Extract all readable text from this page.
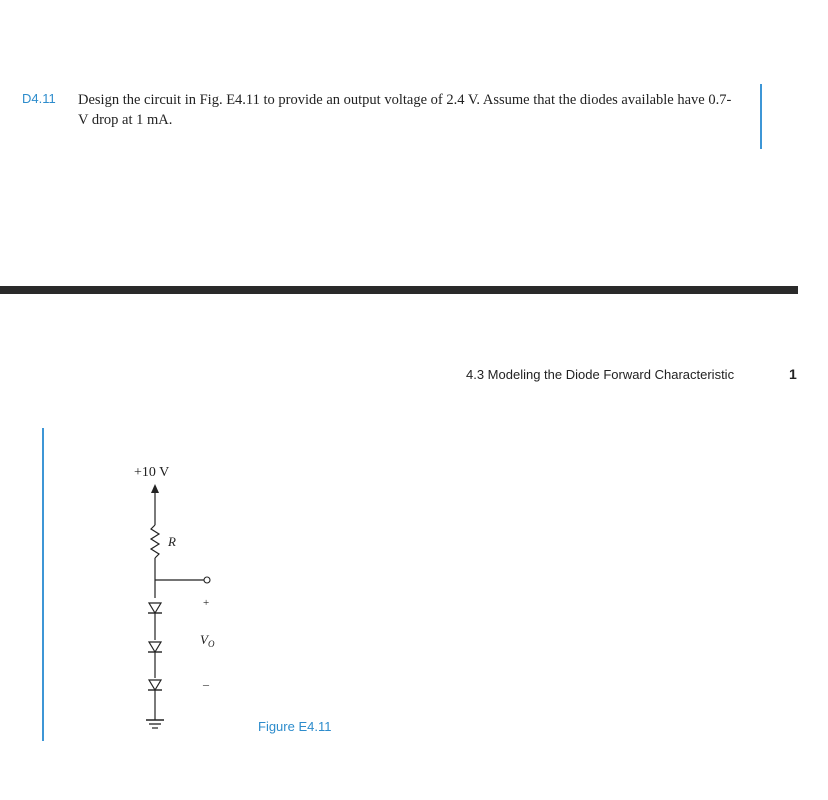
D4.11 Design the circuit in Fig. E4.11 to provide an output voltage of 2.4 V. Assume that the diodes available have 0.7-V drop at 1 mA.
4.3 Modeling the Diode Forward Characteristic	1
+10 V
R
+
$V_O$
–
Figure E4.11
